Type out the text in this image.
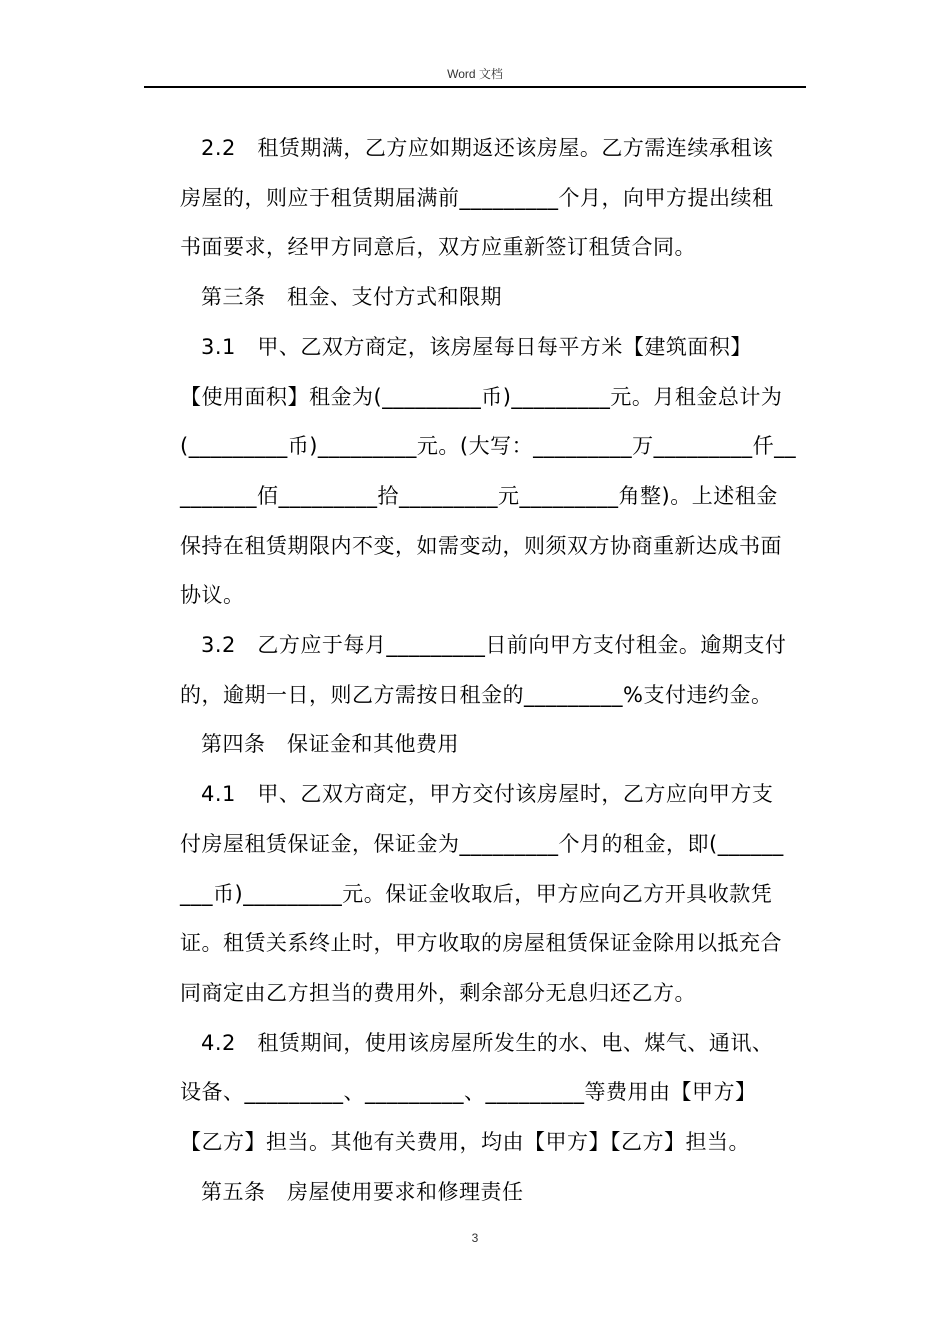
Word 文档

2.2　租赁期满，乙方应如期返还该房屋。乙方需连续承租该
房屋的，则应于租赁期届满前_________个月，向甲方提出续租
书面要求，经甲方同意后，双方应重新签订租赁合同。

第三条　租金、支付方式和限期

3.1　甲、乙双方商定，该房屋每日每平方米【建筑面积】
【使用面积】租金为(_________币)_________元。月租金总计为
(_________币)_________元。(大写：_________万_________仟__
_______佰_________拾_________元_________角整)。上述租金
保持在租赁期限内不变，如需变动，则须双方协商重新达成书面
协议。

3.2　乙方应于每月_________日前向甲方支付租金。逾期支付
的，逾期一日，则乙方需按日租金的_________%支付违约金。

第四条　保证金和其他费用

4.1　甲、乙双方商定，甲方交付该房屋时，乙方应向甲方支
付房屋租赁保证金，保证金为_________个月的租金，即(______
___币)_________元。保证金收取后，甲方应向乙方开具收款凭
证。租赁关系终止时，甲方收取的房屋租赁保证金除用以抵充合
同商定由乙方担当的费用外，剩余部分无息归还乙方。

4.2　租赁期间，使用该房屋所发生的水、电、煤气、通讯、
设备、_________、_________、_________等费用由【甲方】
【乙方】担当。其他有关费用，均由【甲方】【乙方】担当。

第五条　房屋使用要求和修理责任

3
